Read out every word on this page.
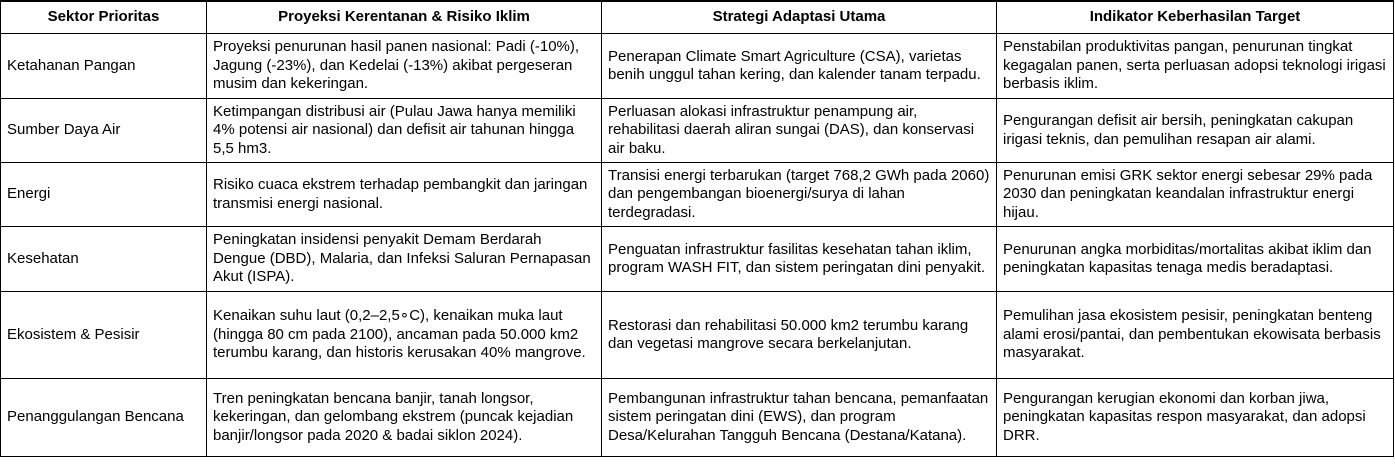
Sektor Prioritas	Proyeksi Kerentanan & Risiko Iklim	Strategi Adaptasi Utama	Indikator Keberhasilan Target
Ketahanan Pangan	Proyeksi penurunan hasil panen nasional: Padi (-10%), Jagung (-23%), dan Kedelai (-13%) akibat pergeseran musim dan kekeringan.	Penerapan Climate Smart Agriculture (CSA), varietas benih unggul tahan kering, dan kalender tanam terpadu.	Penstabilan produktivitas pangan, penurunan tingkat kegagalan panen, serta perluasan adopsi teknologi irigasi berbasis iklim.
Sumber Daya Air	Ketimpangan distribusi air (Pulau Jawa hanya memiliki 4% potensi air nasional) dan defisit air tahunan hingga 5,5 hm3.	Perluasan alokasi infrastruktur penampung air, rehabilitasi daerah aliran sungai (DAS), dan konservasi air baku.	Pengurangan defisit air bersih, peningkatan cakupan irigasi teknis, dan pemulihan resapan air alami.
Energi	Risiko cuaca ekstrem terhadap pembangkit dan jaringan transmisi energi nasional.	Transisi energi terbarukan (target 768,2 GWh pada 2060) dan pengembangan bioenergi/surya di lahan terdegradasi.	Penurunan emisi GRK sektor energi sebesar 29% pada 2030 dan peningkatan keandalan infrastruktur energi hijau.
Kesehatan	Peningkatan insidensi penyakit Demam Berdarah Dengue (DBD), Malaria, dan Infeksi Saluran Pernapasan Akut (ISPA).	Penguatan infrastruktur fasilitas kesehatan tahan iklim, program WASH FIT, dan sistem peringatan dini penyakit.	Penurunan angka morbiditas/mortalitas akibat iklim dan peningkatan kapasitas tenaga medis beradaptasi.
Ekosistem & Pesisir	Kenaikan suhu laut (0,2–2,5∘C), kenaikan muka laut (hingga 80 cm pada 2100), ancaman pada 50.000 km2 terumbu karang, dan historis kerusakan 40% mangrove.	Restorasi dan rehabilitasi 50.000 km2 terumbu karang dan vegetasi mangrove secara berkelanjutan.	Pemulihan jasa ekosistem pesisir, peningkatan benteng alami erosi/pantai, dan pembentukan ekowisata berbasis masyarakat.
Penanggulangan Bencana	Tren peningkatan bencana banjir, tanah longsor, kekeringan, dan gelombang ekstrem (puncak kejadian banjir/longsor pada 2020 & badai siklon 2024).	Pembangunan infrastruktur tahan bencana, pemanfaatan sistem peringatan dini (EWS), dan program Desa/Kelurahan Tangguh Bencana (Destana/Katana).	Pengurangan kerugian ekonomi dan korban jiwa, peningkatan kapasitas respon masyarakat, dan adopsi DRR.
